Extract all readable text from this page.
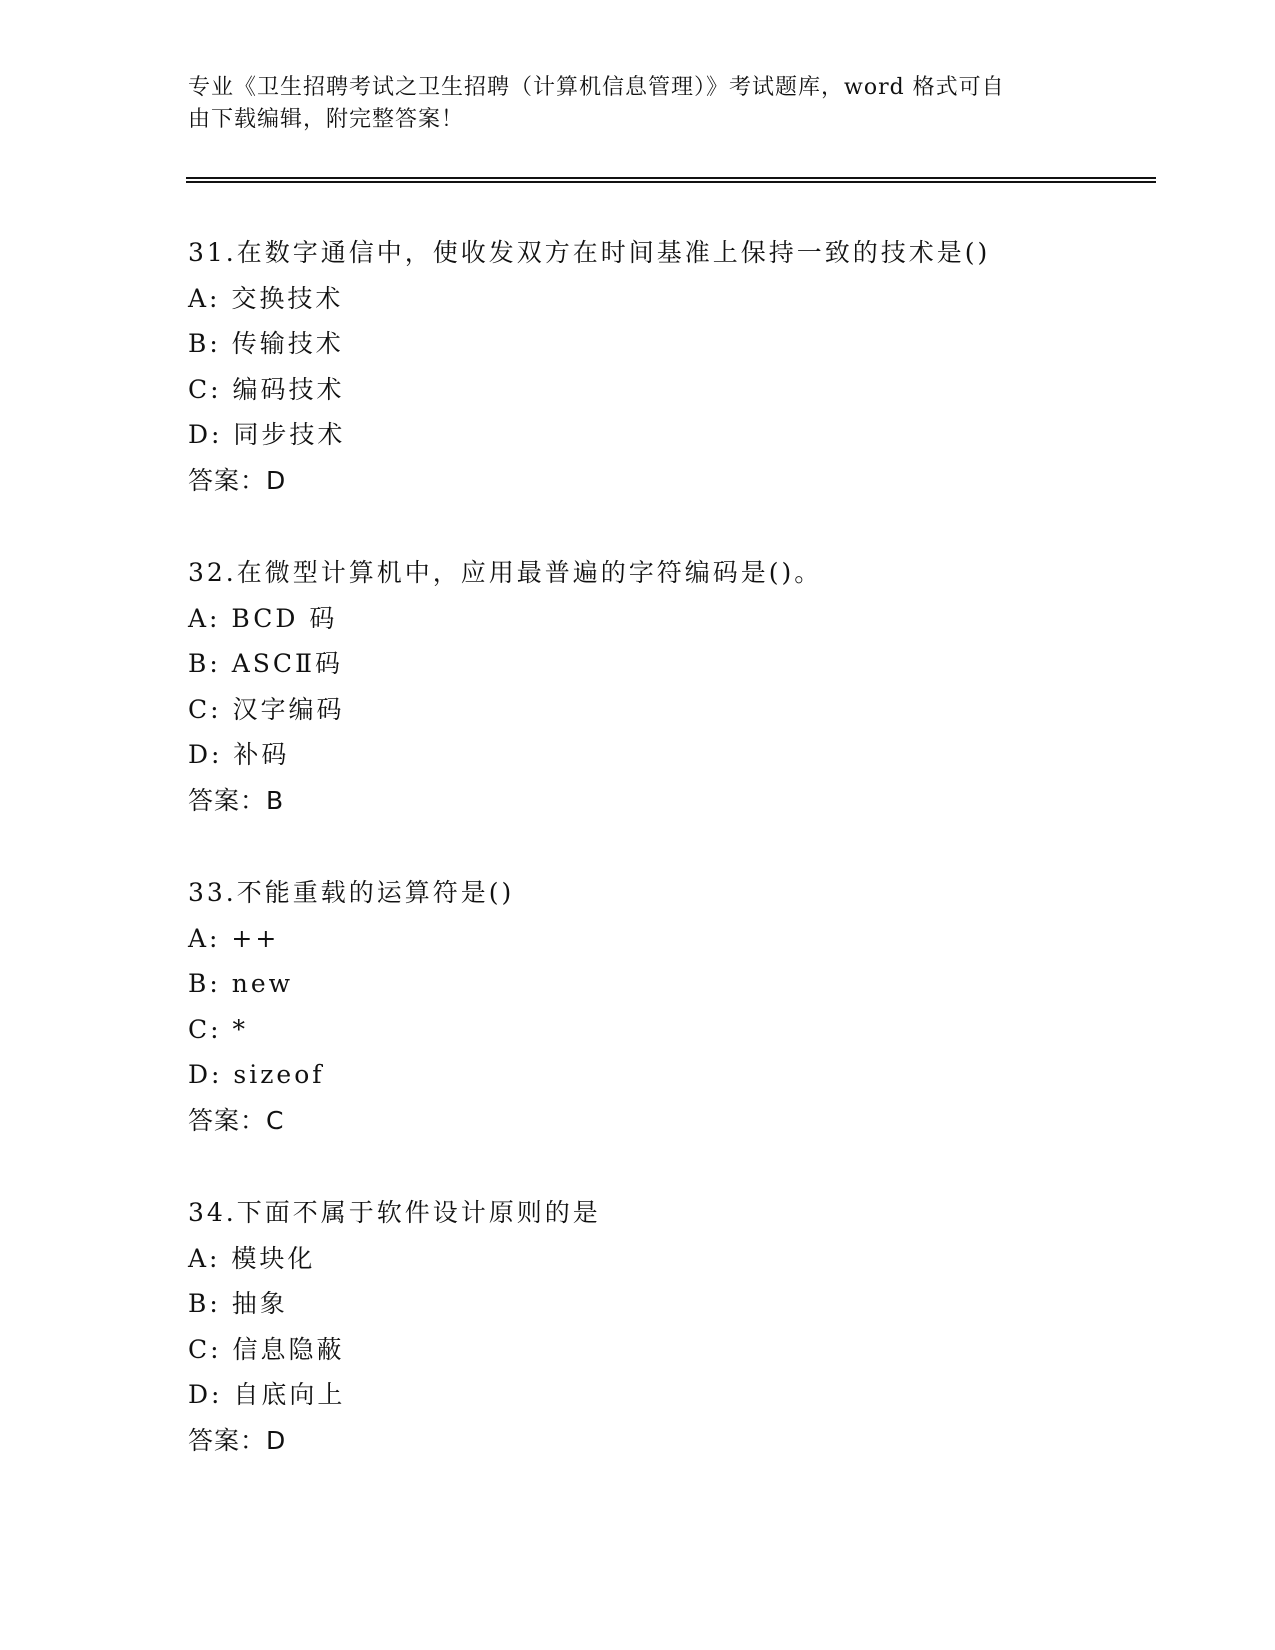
专业《卫生招聘考试之卫生招聘（计算机信息管理）》考试题库，word 格式可自
由下载编辑，附完整答案！
31. 在数字通信中，使收发双方在时间基准上保持一致的技术是()
A: 交换技术
B: 传输技术
C: 编码技术
D: 同步技术
答案：D
32. 在微型计算机中，应用最普遍的字符编码是()。
A: BCD 码
B: ASCⅡ码
C: 汉字编码
D: 补码
答案：B
33. 不能重载的运算符是()
A: ++
B: new
C: *
D: sizeof
答案：C
34. 下面不属于软件设计原则的是
A: 模块化
B: 抽象
C: 信息隐蔽
D: 自底向上
答案：D
